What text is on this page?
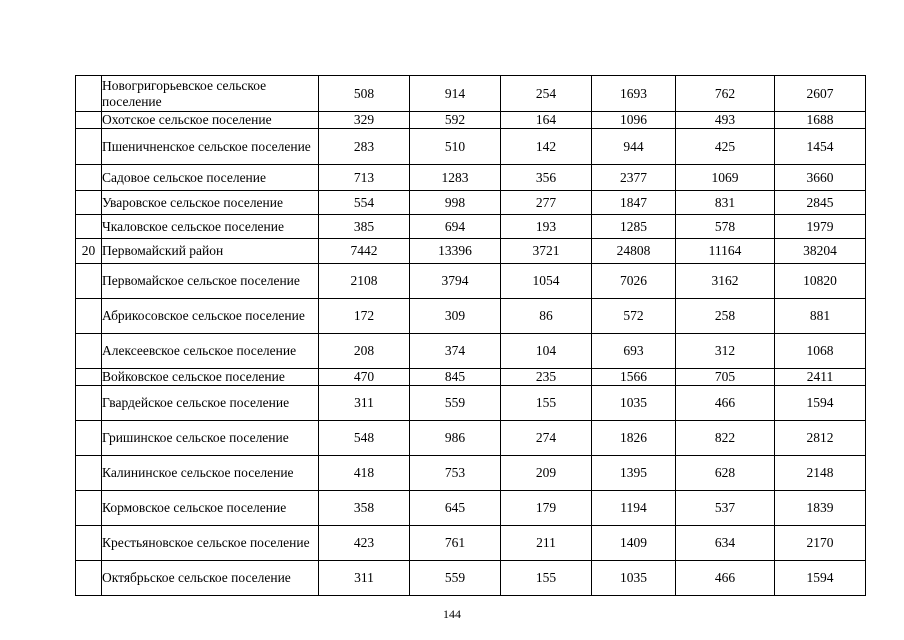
	Новогригорьевское сельское поселение	508	914	254	1693	762	2607
	Охотское сельское поселение	329	592	164	1096	493	1688
	Пшеничненское сельское поселение	283	510	142	944	425	1454
	Садовое сельское поселение	713	1283	356	2377	1069	3660
	Уваровское сельское поселение	554	998	277	1847	831	2845
	Чкаловское сельское поселение	385	694	193	1285	578	1979
20	Первомайский район	7442	13396	3721	24808	11164	38204
	Первомайское сельское поселение	2108	3794	1054	7026	3162	10820
	Абрикосовское сельское поселение	172	309	86	572	258	881
	Алексеевское сельское поселение	208	374	104	693	312	1068
	Войковское сельское поселение	470	845	235	1566	705	2411
	Гвардейское сельское поселение	311	559	155	1035	466	1594
	Гришинское сельское поселение	548	986	274	1826	822	2812
	Калининское сельское поселение	418	753	209	1395	628	2148
	Кормовское сельское поселение	358	645	179	1194	537	1839
	Крестьяновское сельское поселение	423	761	211	1409	634	2170
	Октябрьское сельское поселение	311	559	155	1035	466	1594
144
